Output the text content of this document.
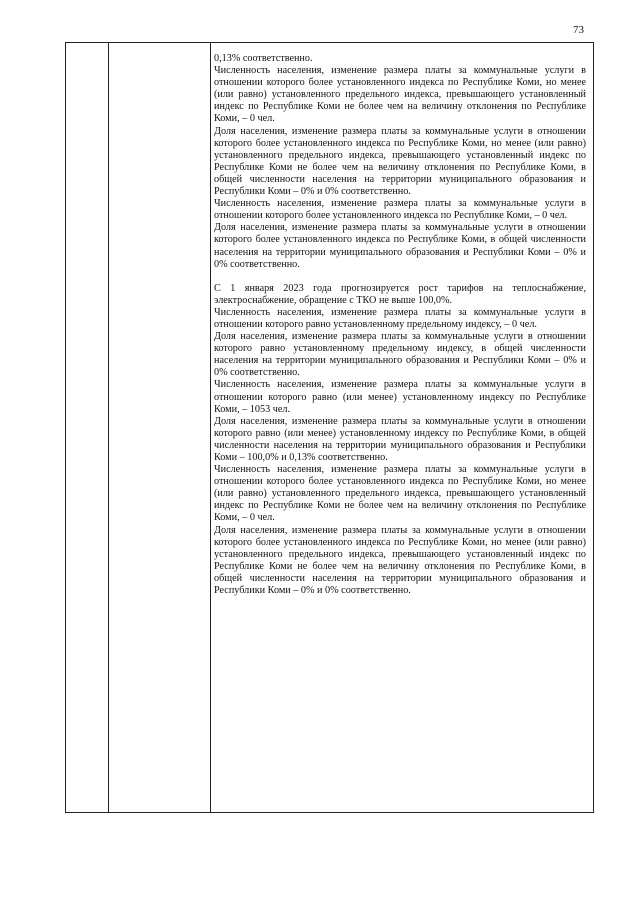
73

0,13% соответственно.

Численность населения, изменение размера платы за коммунальные услуги в отношении которого более установленного индекса по Республике Коми, но менее (или равно) установленного предельного индекса, превышающего установленный индекс по Республике Коми не более чем на величину отклонения по Республике Коми, – 0 чел.

Доля населения, изменение размера платы за коммунальные услуги в отношении которого более установленного индекса по Республике Коми, но менее (или равно) установленного предельного индекса, превышающего установленный индекс по Республике Коми не более чем на величину отклонения по Республике Коми, в общей численности населения на территории муниципального образования и Республики Коми – 0% и 0% соответственно.

Численность населения, изменение размера платы за коммунальные услуги в отношении которого более установленного индекса по Республике Коми, – 0 чел.

Доля населения, изменение размера платы за коммунальные услуги в отношении которого более установленного индекса по Республике Коми, в общей численности населения на территории муниципального образования и Республики Коми – 0% и 0% соответственно.

С 1 января 2023 года прогнозируется рост тарифов на теплоснабжение, электроснабжение, обращение с ТКО не выше 100,0%.

Численность населения, изменение размера платы за коммунальные услуги в отношении которого равно установленному предельному индексу, – 0 чел.

Доля населения, изменение размера платы за коммунальные услуги в отношении которого равно установленному предельному индексу, в общей численности населения на территории муниципального образования и Республики Коми – 0% и 0% соответственно.

Численность населения, изменение размера платы за коммунальные услуги в отношении которого равно (или менее) установленному индексу по Республике Коми, – 1053 чел.

Доля населения, изменение размера платы за коммунальные услуги в отношении которого равно (или менее) установленному индексу по Республике Коми, в общей численности населения на территории муниципального образования и Республики Коми – 100,0% и 0,13% соответственно.

Численность населения, изменение размера платы за коммунальные услуги в отношении которого более установленного индекса по Республике Коми, но менее (или равно) установленного предельного индекса, превышающего установленный индекс по Республике Коми не более чем на величину отклонения по Республике Коми, – 0 чел.

Доля населения, изменение размера платы за коммунальные услуги в отношении которого более установленного индекса по Республике Коми, но менее (или равно) установленного предельного индекса, превышающего установленный индекс по Республике Коми не более чем на величину отклонения по Республике Коми, в общей численности населения на территории муниципального образования и Республики Коми – 0% и 0% соответственно.
